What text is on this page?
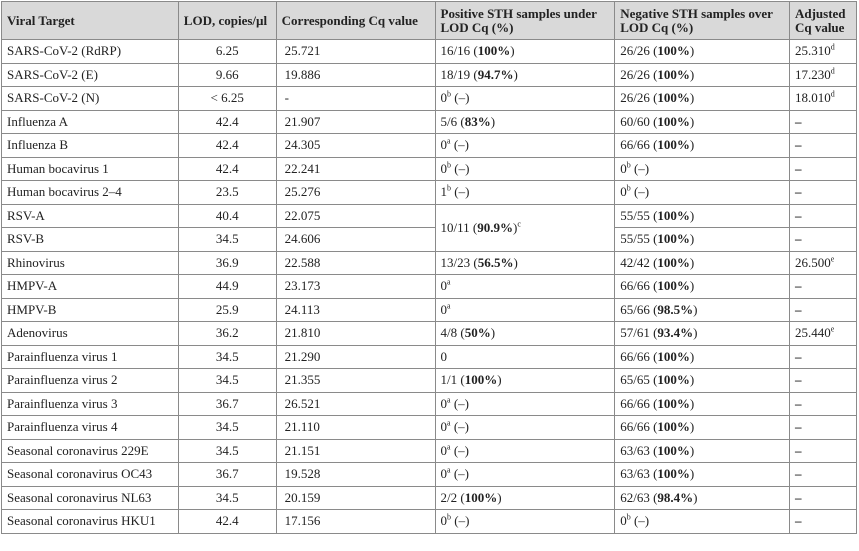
Viral Target	LOD, copies/µl	Corresponding Cq value	Positive STH samples under LOD Cq (%)	Negative STH samples over LOD Cq (%)	Adjusted Cq value
SARS-CoV-2 (RdRP)	6.25	25.721	16/16 (100%)	26/26 (100%)	25.310$^d$
SARS-CoV-2 (E)	9.66	19.886	18/19 (94.7%)	26/26 (100%)	17.230$^d$
SARS-CoV-2 (N)	< 6.25	-	0$^b$ (–)	26/26 (100%)	18.010$^d$
Influenza A	42.4	21.907	5/6 (83%)	60/60 (100%)	–
Influenza B	42.4	24.305	0$^a$ (–)	66/66 (100%)	–
Human bocavirus 1	42.4	22.241	0$^b$ (–)	0$^b$ (–)	–
Human bocavirus 2–4	23.5	25.276	1$^b$ (–)	0$^b$ (–)	–
RSV-A	40.4	22.075	10/11 $(90.9\%)^c$	55/55 (100%)	–
RSV-B	34.5	24.606		55/55 (100%)	–
Rhinovirus	36.9	22.588	13/23 (56.5%)	42/42 (100%)	26.500e
HMPV-A	44.9	23.173	0$^a$	66/66 (100%)	–
HMPV-B	25.9	24.113	0$^a$	65/66 (98.5%)	–
Adenovirus	36.2	21.810	4/8 (50%)	57/61 (93.4%)	25.440e
Parainfluenza virus 1	34.5	21.290	0	66/66 (100%)	–
Parainfluenza virus 2	34.5	21.355	1/1 (100%)	65/65 (100%)	–
Parainfluenza virus 3	36.7	26.521	0$^a$ (–)	66/66 (100%)	–
Parainfluenza virus 4	34.5	21.110	0$^a$ (–)	66/66 (100%)	–
Seasonal coronavirus 229E	34.5	21.151	0$^a$ (–)	63/63 (100%)	–
Seasonal coronavirus OC43	36.7	19.528	0$^a$ (–)	63/63 (100%)	–
Seasonal coronavirus NL63	34.5	20.159	2/2 (100%)	62/63 (98.4%)	–
Seasonal coronavirus HKU1	42.4	17.156	0$^b$ (–)	0$^b$ (–)	–
